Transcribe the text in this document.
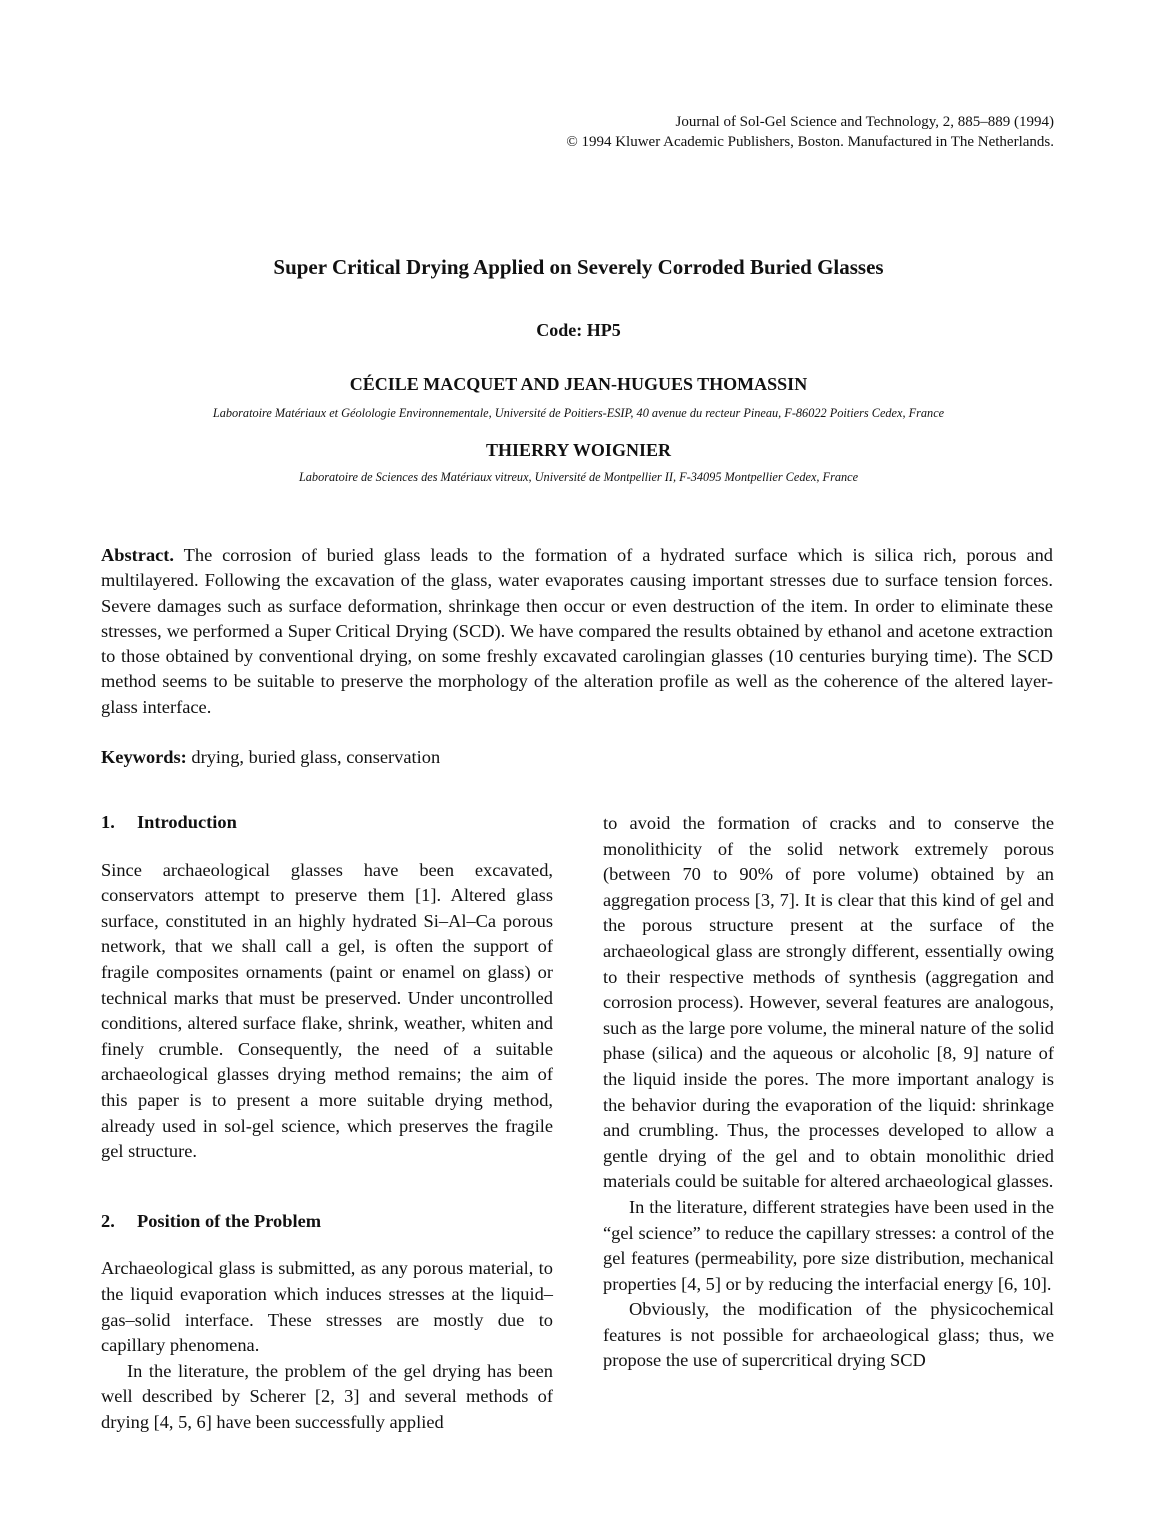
Journal of Sol-Gel Science and Technology, 2, 885–889 (1994)
© 1994 Kluwer Academic Publishers, Boston. Manufactured in The Netherlands.
Super Critical Drying Applied on Severely Corroded Buried Glasses
Code: HP5
CÉCILE MACQUET AND JEAN-HUGUES THOMASSIN
Laboratoire Matériaux et Géolologie Environnementale, Université de Poitiers-ESIP, 40 avenue du recteur Pineau, F-86022 Poitiers Cedex, France
THIERRY WOIGNIER
Laboratoire de Sciences des Matériaux vitreux, Université de Montpellier II, F-34095 Montpellier Cedex, France

Abstract. The corrosion of buried glass leads to the formation of a hydrated surface which is silica rich, porous and multilayered. Following the excavation of the glass, water evaporates causing important stresses due to surface tension forces. Severe damages such as surface deformation, shrinkage then occur or even destruction of the item. In order to eliminate these stresses, we performed a Super Critical Drying (SCD). We have compared the results obtained by ethanol and acetone extraction to those obtained by conventional drying, on some freshly excavated carolingian glasses (10 centuries burying time). The SCD method seems to be suitable to preserve the morphology of the alteration profile as well as the coherence of the altered layer-glass interface.

Keywords: drying, buried glass, conservation

1. Introduction

Since archaeological glasses have been excavated, conservators attempt to preserve them [1]. Altered glass surface, constituted in an highly hydrated Si–Al–Ca porous network, that we shall call a gel, is often the support of fragile composites ornaments (paint or enamel on glass) or technical marks that must be preserved. Under uncontrolled conditions, altered surface flake, shrink, weather, whiten and finely crumble. Consequently, the need of a suitable archaeological glasses drying method remains; the aim of this paper is to present a more suitable drying method, already used in sol-gel science, which preserves the fragile gel structure.

2. Position of the Problem

Archaeological glass is submitted, as any porous material, to the liquid evaporation which induces stresses at the liquid–gas–solid interface. These stresses are mostly due to capillary phenomena.

In the literature, the problem of the gel drying has been well described by Scherer [2, 3] and several methods of drying [4, 5, 6] have been successfully applied

to avoid the formation of cracks and to conserve the monolithicity of the solid network extremely porous (between 70 to 90% of pore volume) obtained by an aggregation process [3, 7]. It is clear that this kind of gel and the porous structure present at the surface of the archaeological glass are strongly different, essentially owing to their respective methods of synthesis (aggregation and corrosion process). However, several features are analogous, such as the large pore volume, the mineral nature of the solid phase (silica) and the aqueous or alcoholic [8, 9] nature of the liquid inside the pores. The more important analogy is the behavior during the evaporation of the liquid: shrinkage and crumbling. Thus, the processes developed to allow a gentle drying of the gel and to obtain monolithic dried materials could be suitable for altered archaeological glasses.

In the literature, different strategies have been used in the “gel science” to reduce the capillary stresses: a control of the gel features (permeability, pore size distribution, mechanical properties [4, 5] or by reducing the interfacial energy [6, 10].

Obviously, the modification of the physicochemical features is not possible for archaeological glass; thus, we propose the use of supercritical drying SCD
